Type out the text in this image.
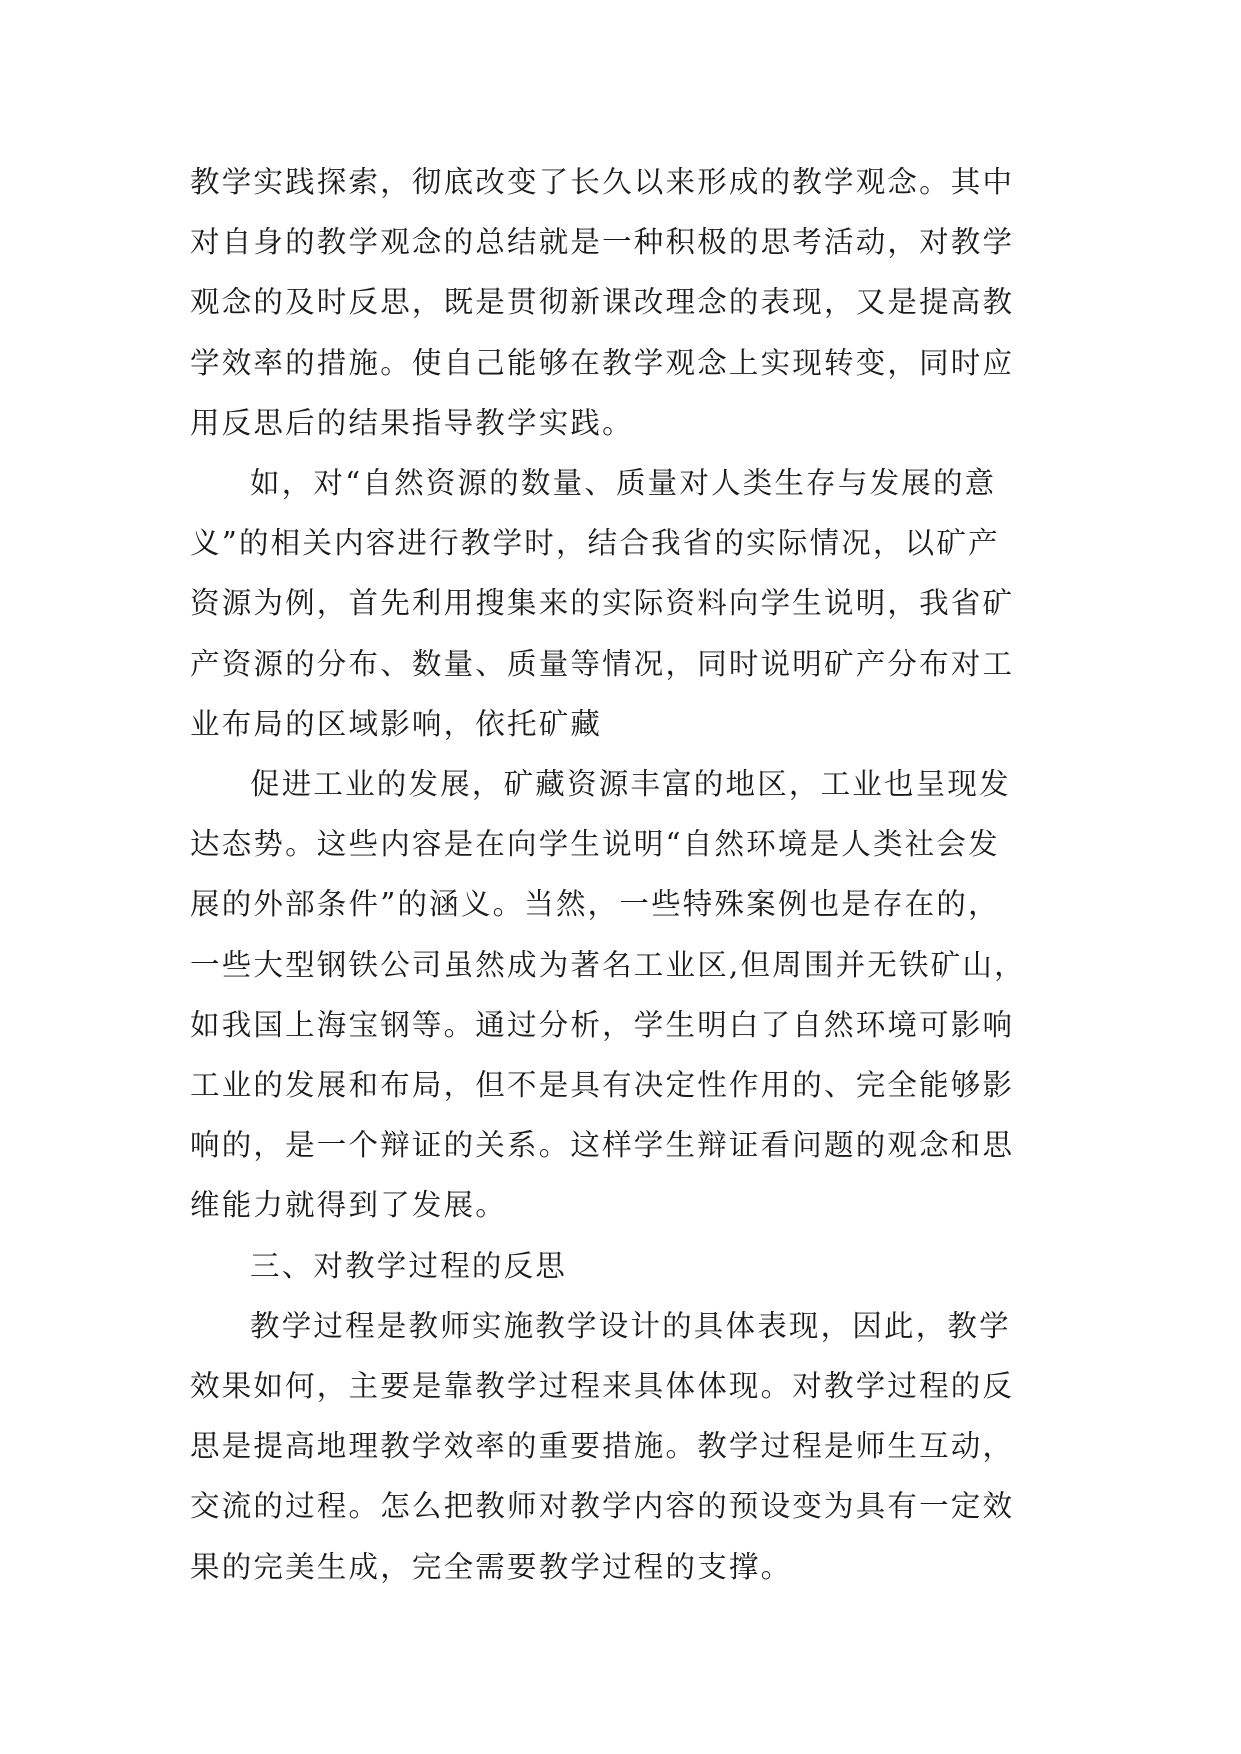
教学实践探索，彻底改变了长久以来形成的教学观念。其中
对自身的教学观念的总结就是一种积极的思考活动，对教学
观念的及时反思，既是贯彻新课改理念的表现，又是提高教
学效率的措施。使自己能够在教学观念上实现转变，同时应
用反思后的结果指导教学实践。
如，对“自然资源的数量、质量对人类生存与发展的意
义”的相关内容进行教学时，结合我省的实际情况，以矿产
资源为例，首先利用搜集来的实际资料向学生说明，我省矿
产资源的分布、数量、质量等情况，同时说明矿产分布对工
业布局的区域影响，依托矿藏
促进工业的发展，矿藏资源丰富的地区，工业也呈现发
达态势。这些内容是在向学生说明“自然环境是人类社会发
展的外部条件”的涵义。当然，一些特殊案例也是存在的，
一些大型钢铁公司虽然成为著名工业区,但周围并无铁矿山，
如我国上海宝钢等。通过分析，学生明白了自然环境可影响
工业的发展和布局，但不是具有决定性作用的、完全能够影
响的，是一个辩证的关系。这样学生辩证看问题的观念和思
维能力就得到了发展。
三、对教学过程的反思
教学过程是教师实施教学设计的具体表现，因此，教学
效果如何，主要是靠教学过程来具体体现。对教学过程的反
思是提高地理教学效率的重要措施。教学过程是师生互动，
交流的过程。怎么把教师对教学内容的预设变为具有一定效
果的完美生成，完全需要教学过程的支撑。
